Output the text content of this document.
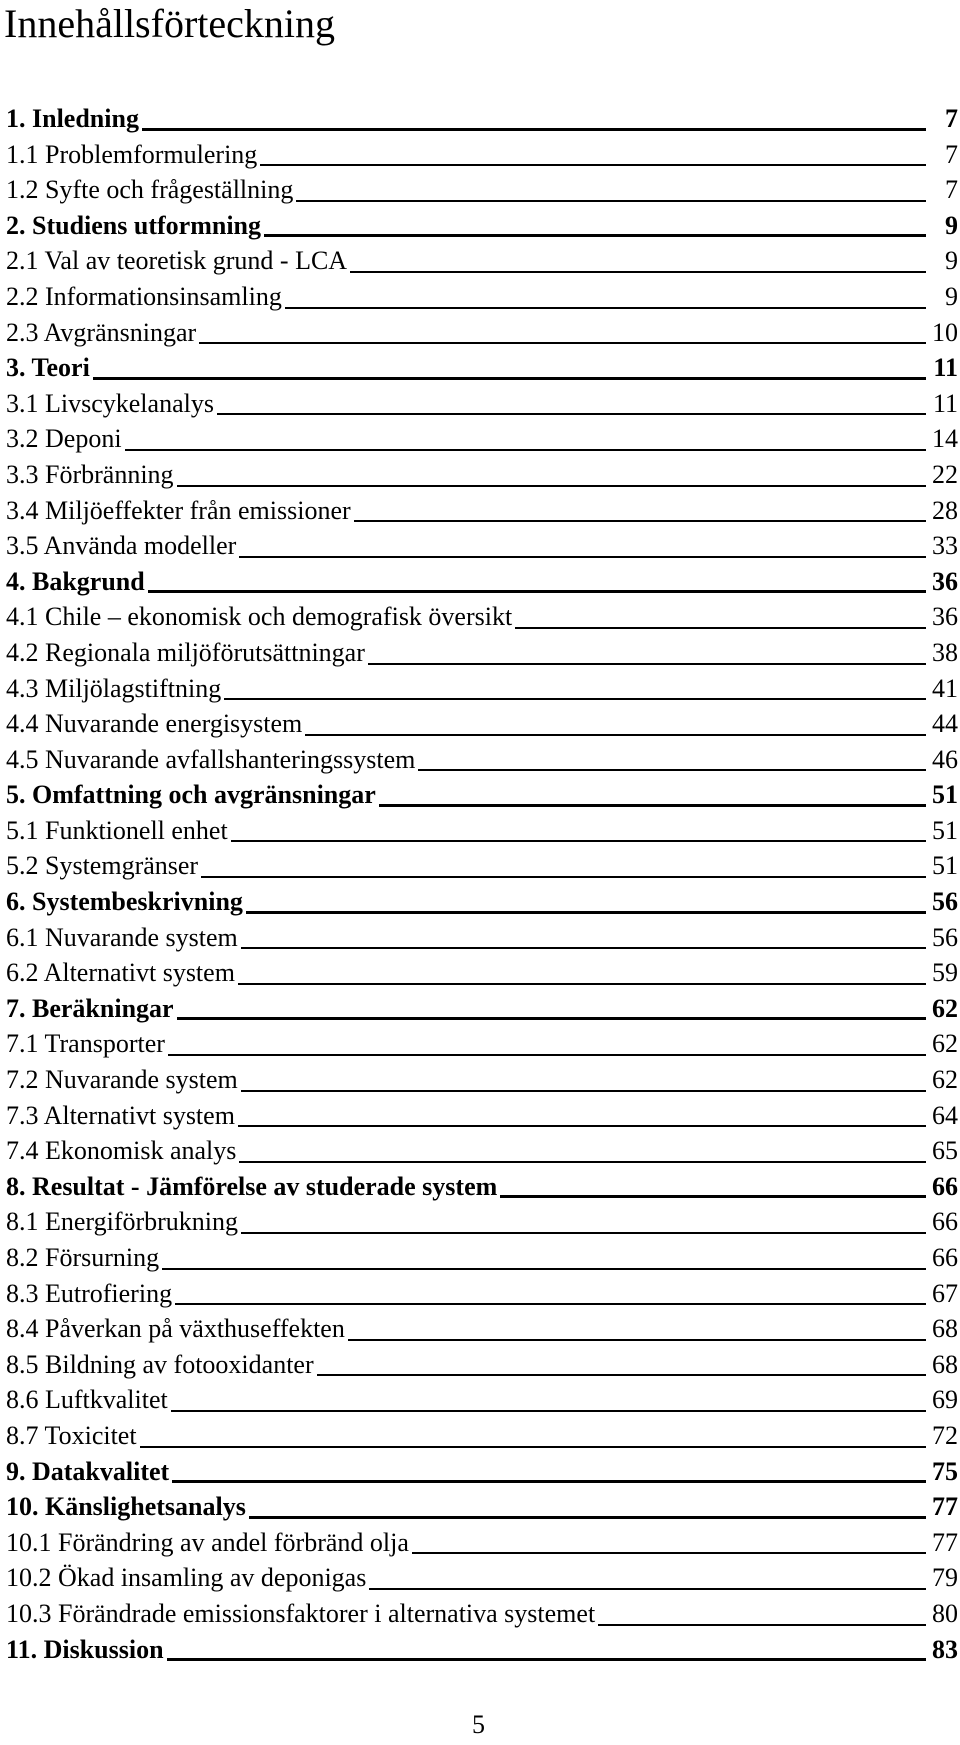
Innehållsförteckning
1. Inledning	7
1.1 Problemformulering	7
1.2 Syfte och frågeställning	7
2. Studiens utformning	9
2.1 Val av teoretisk grund - LCA	9
2.2 Informationsinsamling	9
2.3 Avgränsningar	10
3. Teori	11
3.1 Livscykelanalys	11
3.2 Deponi	14
3.3 Förbränning	22
3.4 Miljöeffekter från emissioner	28
3.5 Använda modeller	33
4. Bakgrund	36
4.1 Chile – ekonomisk och demografisk översikt	36
4.2 Regionala miljöförutsättningar	38
4.3 Miljölagstiftning	41
4.4 Nuvarande energisystem	44
4.5 Nuvarande avfallshanteringssystem	46
5. Omfattning och avgränsningar	51
5.1 Funktionell enhet	51
5.2 Systemgränser	51
6. Systembeskrivning	56
6.1 Nuvarande system	56
6.2 Alternativt system	59
7. Beräkningar	62
7.1 Transporter	62
7.2 Nuvarande system	62
7.3 Alternativt system	64
7.4 Ekonomisk analys	65
8. Resultat - Jämförelse av studerade system	66
8.1 Energiförbrukning	66
8.2 Försurning	66
8.3 Eutrofiering	67
8.4 Påverkan på växthuseffekten	68
8.5 Bildning av fotooxidanter	68
8.6 Luftkvalitet	69
8.7 Toxicitet	72
9. Datakvalitet	75
10. Känslighetsanalys	77
10.1 Förändring av andel förbränd olja	77
10.2 Ökad insamling av deponigas	79
10.3 Förändrade emissionsfaktorer i alternativa systemet	80
11. Diskussion	83
5
